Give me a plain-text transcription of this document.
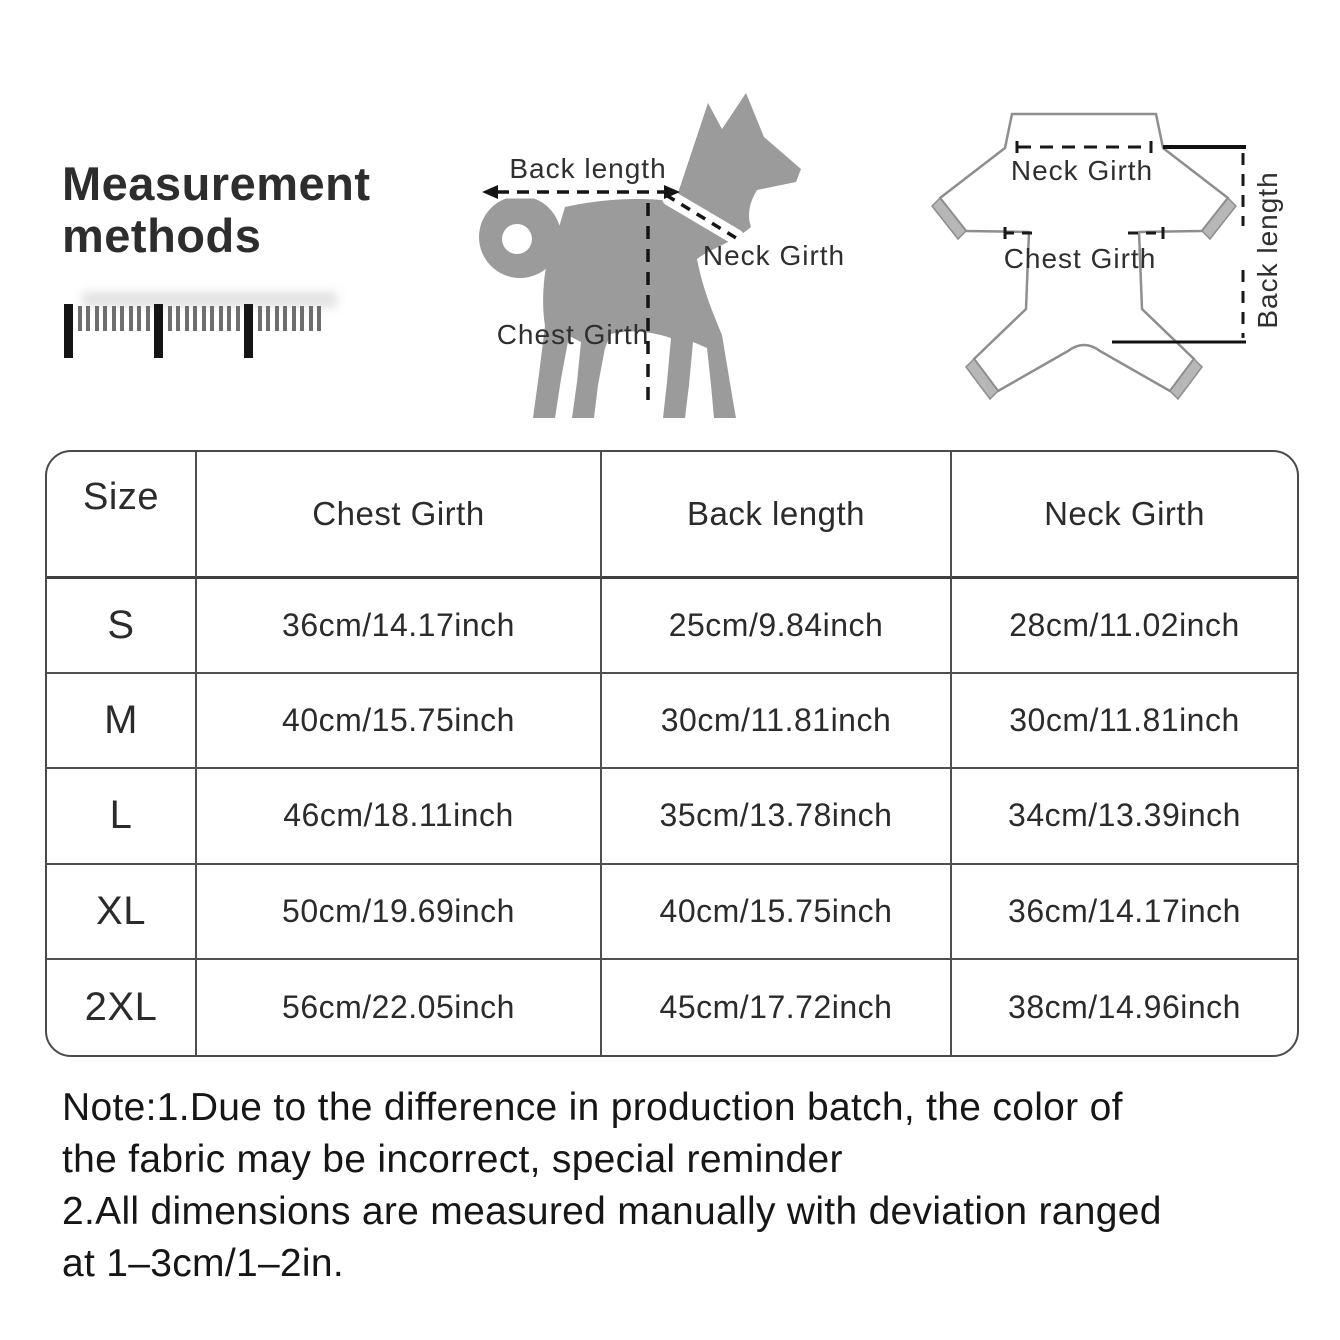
Measurement
methods
Back length
Neck Girth
Chest Girth
Neck Girth
Chest Girth	Back length
Size	Chest Girth	Back length	Neck Girth
S	36cm/14.17inch	25cm/9.84inch	28cm/11.02inch
M	40cm/15.75inch	30cm/11.81inch	30cm/11.81inch
L	46cm/18.11inch	35cm/13.78inch	34cm/13.39inch
XL	50cm/19.69inch	40cm/15.75inch	36cm/14.17inch
2XL	56cm/22.05inch	45cm/17.72inch	38cm/14.96inch
Note:1.Due to the difference in production batch, the color of
the fabric may be incorrect, special reminder
2.All dimensions are measured manually with deviation ranged
at 1–3cm/1–2in.
